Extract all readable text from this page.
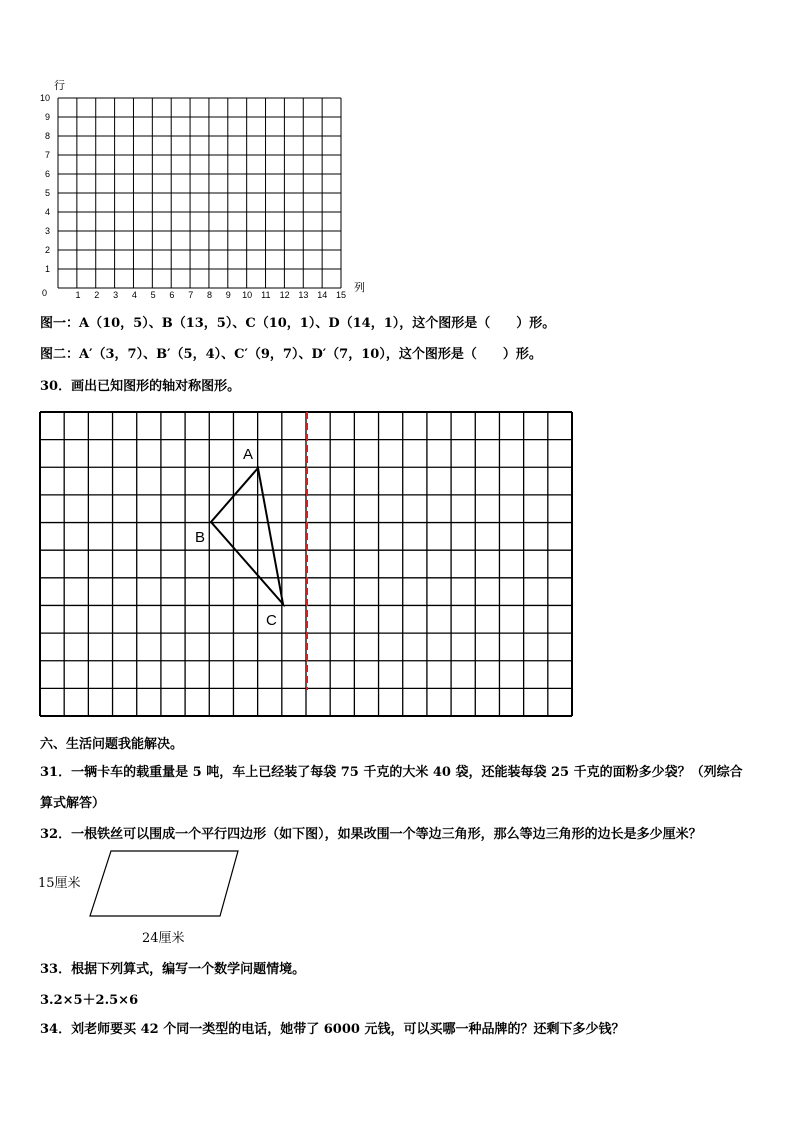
行
10
9
8
7
6
5
4
3
2
1
1 2 3 4 5 6 7 8 9 10 11 12 13 14 15
0	列
图一：A（10，5）、B（13，5）、C（10，1）、D（14，1），这个图形是（　　）形。
图二：A′（3，7）、B′（5，4）、C′（9，7）、D′（7，10），这个图形是（　　）形。
30．画出已知图形的轴对称图形。
A
B
C
六、生活问题我能解决。
31．一辆卡车的载重量是 5 吨，车上已经装了每袋 75 千克的大米 40 袋，还能装每袋 25 千克的面粉多少袋？（列综合
算式解答）
32．一根铁丝可以围成一个平行四边形（如下图），如果改围一个等边三角形，那么等边三角形的边长是多少厘米？
15厘米
24厘米
33．根据下列算式，编写一个数学问题情境。
3.2×5＋2.5×6
34．刘老师要买 42 个同一类型的电话，她带了 6000 元钱，可以买哪一种品牌的？还剩下多少钱？
